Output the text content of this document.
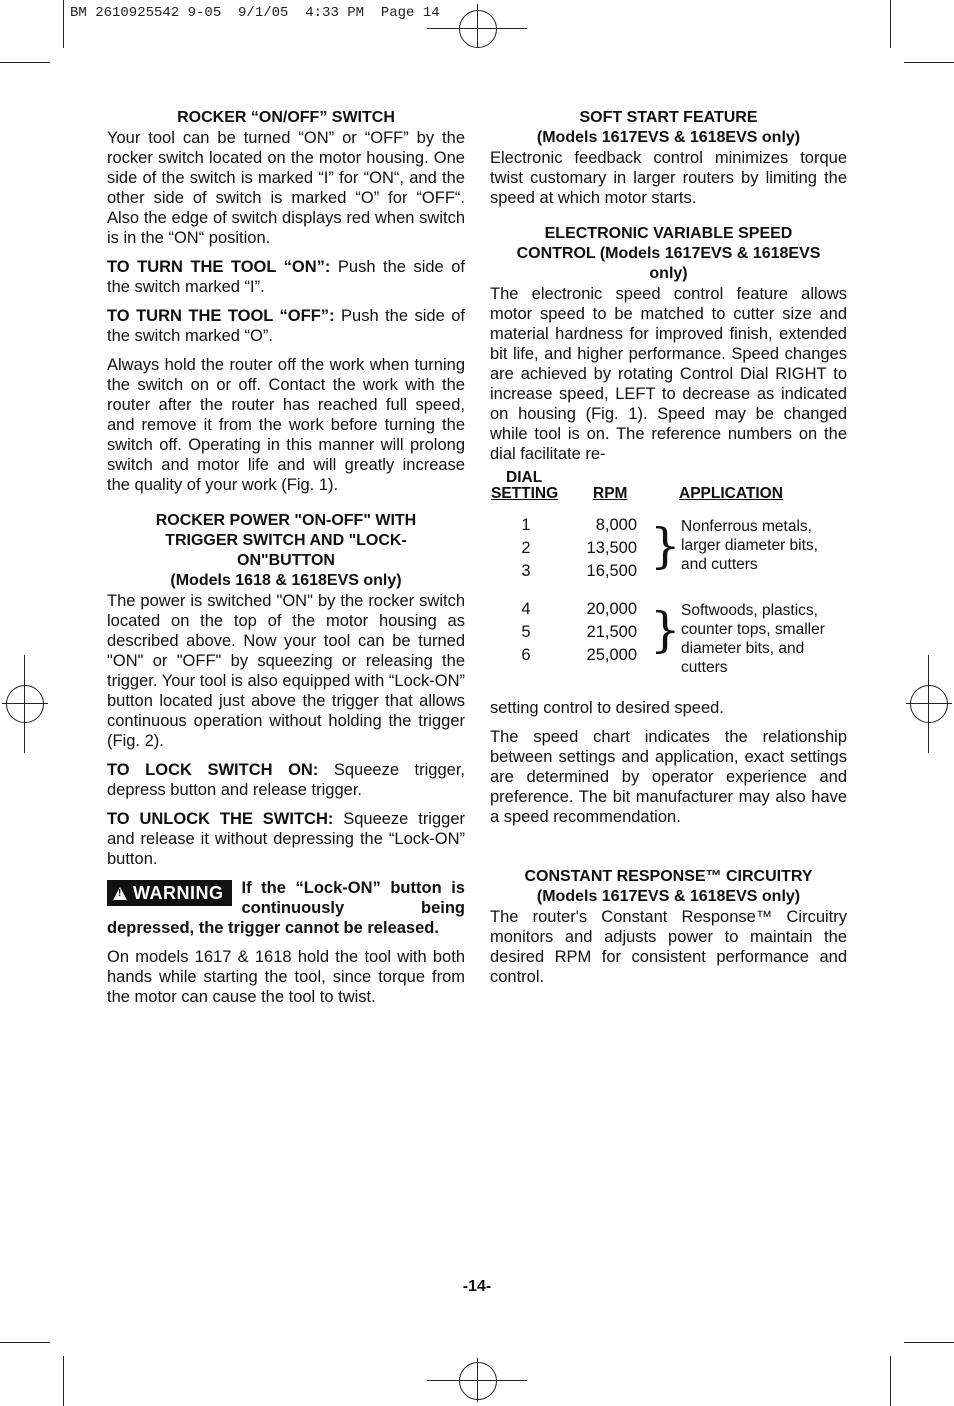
BM 2610925542 9-05  9/1/05  4:33 PM  Page 14
ROCKER “ON/OFF” SWITCH

Your tool can be turned “ON” or “OFF” by the rocker switch located on the motor housing. One side of the switch is marked “I” for “ON“, and the other side of switch is marked “O” for “OFF“. Also the edge of switch displays red when switch is in the “ON“ position.

TO TURN THE TOOL “ON”: Push the side of the switch marked “I”.

TO TURN THE TOOL “OFF”: Push the side of the switch marked “O”.

Always hold the router off the work when turning the switch on or off. Contact the work with the router after the router has reached full speed, and remove it from the work before turning the switch off. Operating in this manner will prolong switch and motor life and will greatly increase the quality of your work (Fig. 1).

ROCKER POWER "ON-OFF" WITH
TRIGGER SWITCH AND "LOCK-
ON"BUTTON
(Models 1618 & 1618EVS only)

The power is switched "ON" by the rocker switch located on the top of the motor housing as described above. Now your tool can be turned "ON" or "OFF" by squeezing or releasing the trigger. Your tool is also equipped with “Lock-ON” button located just above the trigger that allows continuous operation without holding the trigger (Fig. 2).

TO LOCK SWITCH ON: Squeeze trigger, depress button and release trigger.

TO UNLOCK THE SWITCH: Squeeze trigger and release it without depressing the “Lock-ON” button.

! WARNING	If the “Lock-ON” button is continuously being depressed, the trigger cannot be released.

On models 1617 & 1618 hold the tool with both hands while starting the tool, since torque from the motor can cause the tool to twist.

SOFT START FEATURE
(Models 1617EVS & 1618EVS only)

Electronic feedback control minimizes torque twist customary in larger routers by limiting the speed at which motor starts.

ELECTRONIC VARIABLE SPEED
CONTROL (Models 1617EVS & 1618EVS
only)

The electronic speed control feature allows motor speed to be matched to cutter size and material hardness for improved finish, extended bit life, and higher performance. Speed changes are achieved by rotating Control Dial RIGHT to increase speed, LEFT to decrease as indicated on housing (Fig. 1). Speed may be changed while tool is on. The reference numbers on the dial facilitate re-

DIAL
SETTING RPM	APPLICATION
1
2
3
8,000
13,500
16,500 } Nonferrous metals, larger diameter bits, and cutters
4
5
6
20,000
21,500
25,000 } Softwoods, plastics, counter tops, smaller diameter bits, and cutters

setting control to desired speed.

The speed chart indicates the relationship between settings and application, exact settings are determined by operator experience and preference. The bit manufacturer may also have a speed recommendation.

CONSTANT RESPONSE™ CIRCUITRY
(Models 1617EVS & 1618EVS only)

The router's Constant Response™ Circuitry monitors and adjusts power to maintain the desired RPM for consistent performance and control.

-14-
